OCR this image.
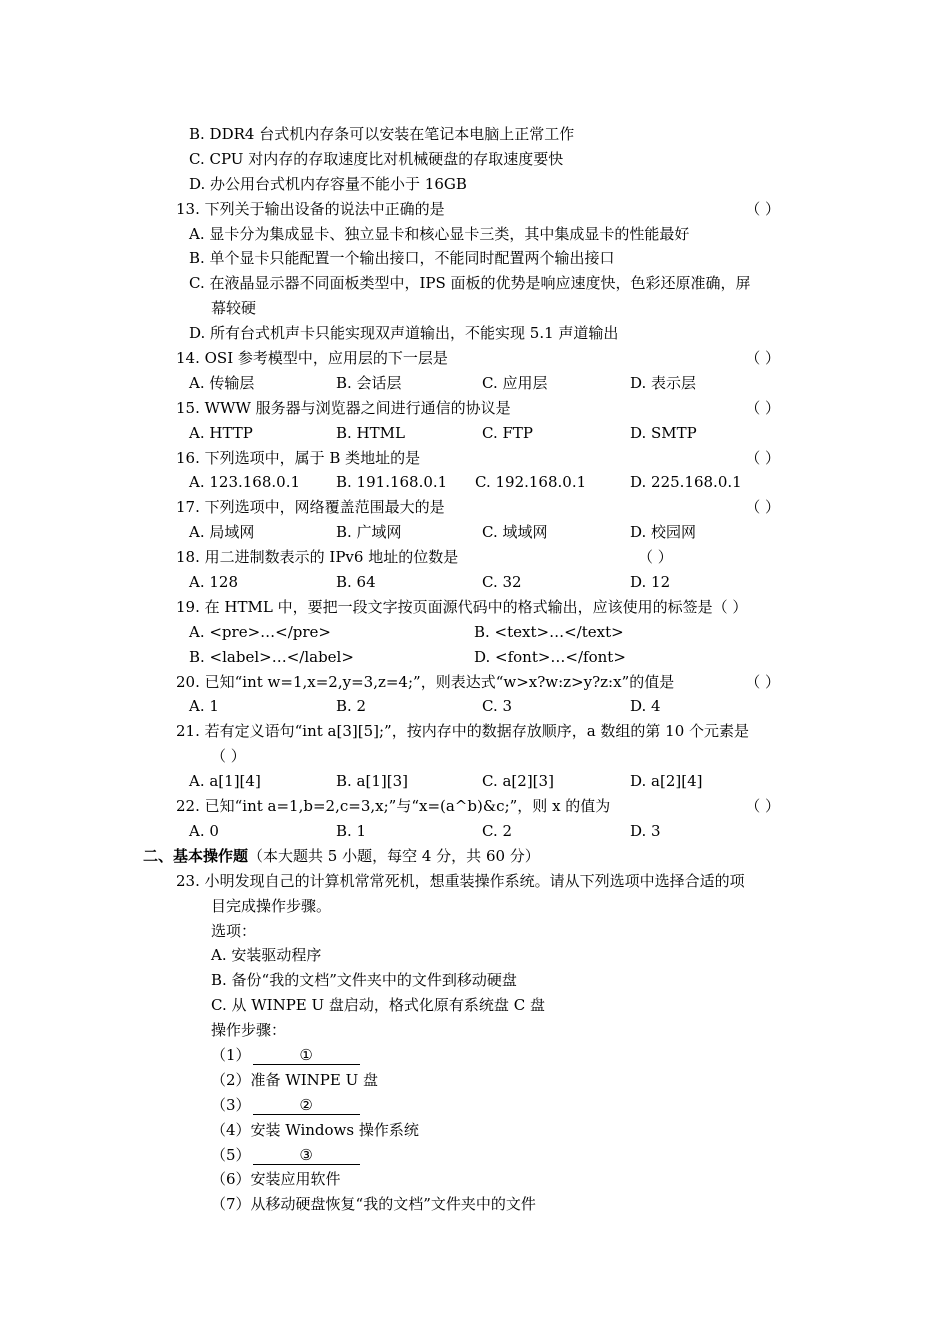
B. DDR4 台式机内存条可以安装在笔记本电脑上正常工作
C. CPU 对内存的存取速度比对机械硬盘的存取速度要快
D. 办公用台式机内存容量不能小于 16GB
13. 下列关于输出设备的说法中正确的是	（ ）
A. 显卡分为集成显卡、独立显卡和核心显卡三类，其中集成显卡的性能最好
B. 单个显卡只能配置一个输出接口，不能同时配置两个输出接口
C. 在液晶显示器不同面板类型中，IPS 面板的优势是响应速度快，色彩还原准确，屏
幕较硬
D. 所有台式机声卡只能实现双声道输出，不能实现 5.1 声道输出
14. OSI 参考模型中，应用层的下一层是	（ ）
A. 传输层	B. 会话层	C. 应用层	D. 表示层
15. WWW 服务器与浏览器之间进行通信的协议是	（ ）
A. HTTP	B. HTML	C. FTP	D. SMTP
16. 下列选项中，属于 B 类地址的是	（ ）
A. 123.168.0.1 B. 191.168.0.1 C. 192.168.0.1	D. 225.168.0.1
17. 下列选项中，网络覆盖范围最大的是	（ ）
A. 局域网	B. 广域网	C. 域域网	D. 校园网
18. 用二进制数表示的 IPv6 地址的位数是	（ ）
A. 128	B. 64	C. 32	D. 12
19. 在 HTML 中，要把一段文字按页面源代码中的格式输出，应该使用的标签是（ ）
A. <pre>…</pre>	B. <text>…</text>
B. <label>…</label>	D. <font>…</font>
20. 已知“int w=1,x=2,y=3,z=4;”，则表达式“w>x?w:z>y?z:x”的值是	（ ）
A. 1	B. 2	C. 3	D. 4
21. 若有定义语句“int a[3][5];”，按内存中的数据存放顺序，a 数组的第 10 个元素是
（ ）
A. a[1][4]	B. a[1][3]	C. a[2][3]	D. a[2][4]
22. 已知“int a=1,b=2,c=3,x;”与“x=(a^b)&c;”，则 x 的值为	（ ）
A. 0	B. 1	C. 2	D. 3
二、基本操作题（本大题共 5 小题，每空 4 分，共 60 分）
23. 小明发现自己的计算机常常死机，想重装操作系统。请从下列选项中选择合适的项
目完成操作步骤。
选项：
A. 安装驱动程序
B. 备份“我的文档”文件夹中的文件到移动硬盘
C. 从 WINPE U 盘启动，格式化原有系统盘 C 盘
操作步骤：
（1）	①
（2）准备 WINPE U 盘
（3）	②
（4）安装 Windows 操作系统
（5）	③
（6）安装应用软件
（7）从移动硬盘恢复“我的文档”文件夹中的文件
